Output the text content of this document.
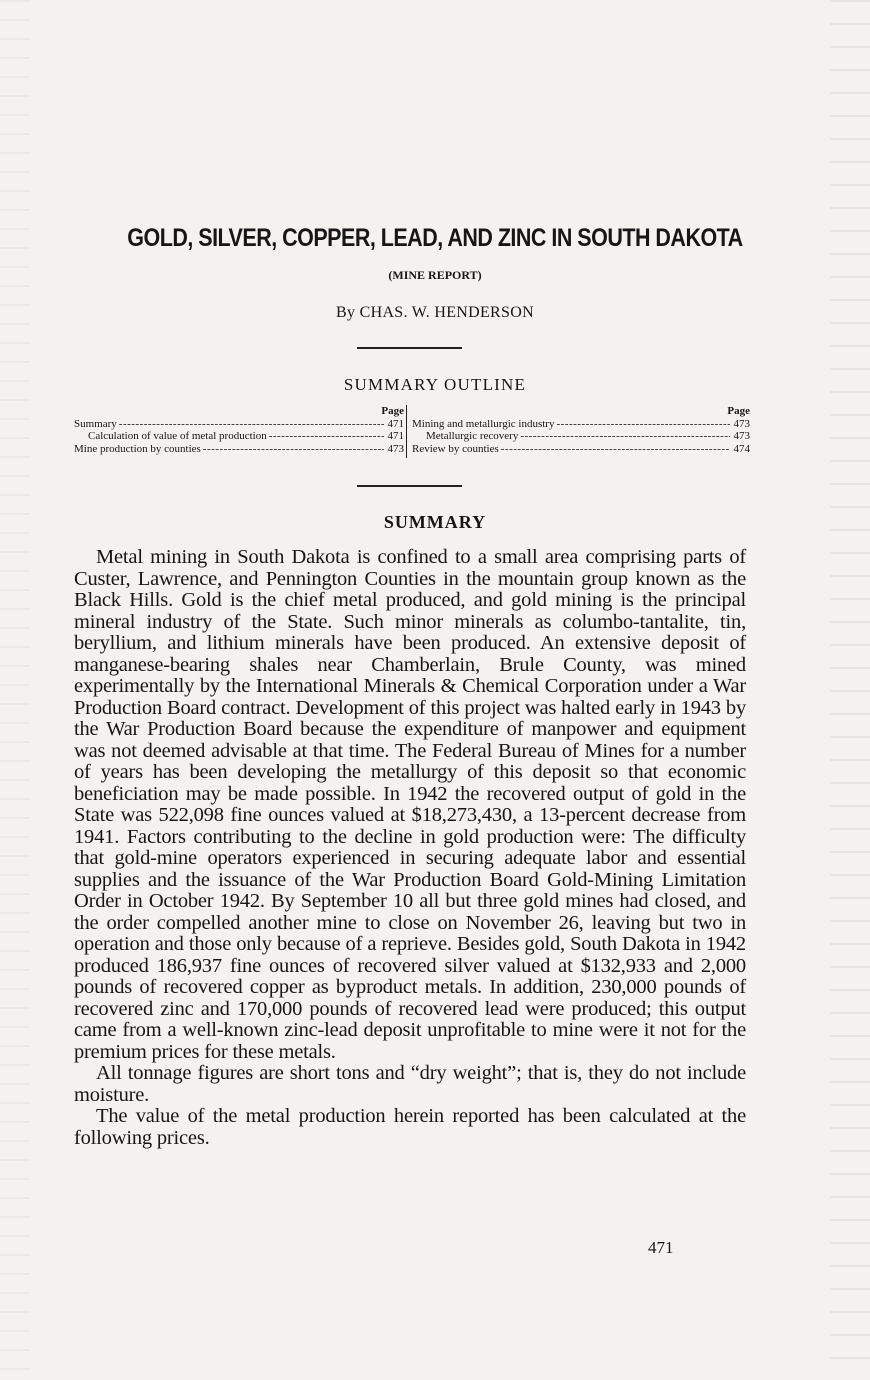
GOLD, SILVER, COPPER, LEAD, AND ZINC IN SOUTH DAKOTA
(MINE REPORT)
By CHAS. W. HENDERSON
SUMMARY OUTLINE
Page
Summary -----	471
Calculation of value of metal production -----	471
Mine production by counties -----	473
Page
Mining and metallurgic industry -----	473
Metallurgic recovery -----	473
Review by counties -----	474
SUMMARY

Metal mining in South Dakota is confined to a small area comprising parts of Custer, Lawrence, and Pennington Counties in the mountain group known as the Black Hills. Gold is the chief metal produced, and gold mining is the principal mineral industry of the State. Such minor minerals as columbo-tantalite, tin, beryllium, and lithium minerals have been produced. An extensive deposit of manganese-bearing shales near Chamberlain, Brule County, was mined experimentally by the International Minerals & Chemical Corporation under a War Production Board contract. Development of this project was halted early in 1943 by the War Production Board because the expenditure of manpower and equipment was not deemed advisable at that time. The Federal Bureau of Mines for a number of years has been developing the metallurgy of this deposit so that economic beneficiation may be made possible. In 1942 the recovered output of gold in the State was 522,098 fine ounces valued at $18,273,430, a 13-percent decrease from 1941. Factors contributing to the decline in gold production were: The difficulty that gold-mine operators experienced in securing adequate labor and essential supplies and the issuance of the War Production Board Gold-Mining Limitation Order in October 1942. By September 10 all but three gold mines had closed, and the order compelled another mine to close on November 26, leaving but two in operation and those only because of a reprieve. Besides gold, South Dakota in 1942 produced 186,937 fine ounces of recovered silver valued at $132,933 and 2,000 pounds of recovered copper as byproduct metals. In addition, 230,000 pounds of recovered zinc and 170,000 pounds of recovered lead were produced; this output came from a well-known zinc-lead deposit unprofitable to mine were it not for the premium prices for these metals.

All tonnage figures are short tons and “dry weight”; that is, they do not include moisture.

The value of the metal production herein reported has been calculated at the following prices.

471
